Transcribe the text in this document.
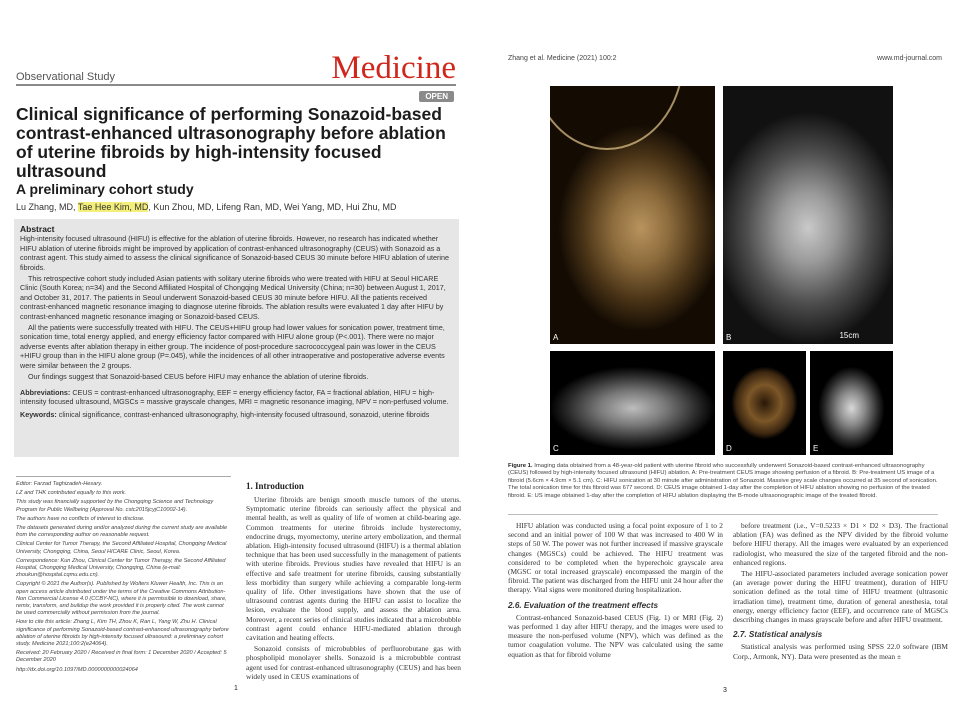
Observational Study	Medicine
OPEN
Clinical significance of performing Sonazoid-based contrast-enhanced ultrasonography before ablation of uterine fibroids by high-intensity focused ultrasound
A preliminary cohort study
Lu Zhang, MD, Tae Hee Kim, MD, Kun Zhou, MD, Lifeng Ran, MD, Wei Yang, MD, Hui Zhu, MD
Abstract

High-intensity focused ultrasound (HIFU) is effective for the ablation of uterine fibroids. However, no research has indicated whether HIFU ablation of uterine fibroids might be improved by application of contrast-enhanced ultrasonography (CEUS) with Sonazoid as a contrast agent. This study aimed to assess the clinical significance of Sonazoid-based CEUS 30 minute before HIFU ablation of uterine fibroids.

This retrospective cohort study included Asian patients with solitary uterine fibroids who were treated with HIFU at Seoul HICARE Clinic (South Korea; n=34) and the Second Affiliated Hospital of Chongqing Medical University (China; n=30) between August 1, 2017, and October 31, 2017. The patients in Seoul underwent Sonazoid-based CEUS 30 minute before HIFU. All the patients received contrast-enhanced magnetic resonance imaging to diagnose uterine fibroids. The ablation results were evaluated 1 day after HIFU by contrast-enhanced magnetic resonance imaging or Sonazoid-based CEUS.

All the patients were successfully treated with HIFU. The CEUS+HIFU group had lower values for sonication power, treatment time, sonication time, total energy applied, and energy efficiency factor compared with HIFU alone group (P<.001). There were no major adverse events after ablation therapy in either group. The incidence of post-procedure sacrococcygeal pain was lower in the CEUS +HIFU group than in the HIFU alone group (P=.045), while the incidences of all other intraoperative and postoperative adverse events were similar between the 2 groups.

Our findings suggest that Sonazoid-based CEUS before HIFU may enhance the ablation of uterine fibroids.

Abbreviations: CEUS = contrast-enhanced ultrasonography, EEF = energy efficiency factor, FA = fractional ablation, HIFU = high-intensity focused ultrasound, MGSCs = massive grayscale changes, MRI = magnetic resonance imaging, NPV = non-perfused volume.

Keywords: clinical significance, contrast-enhanced ultrasonography, high-intensity focused ultrasound, sonazoid, uterine fibroids

Editor: Farzad Taghizadeh-Hesary.

LZ and THK contributed equally to this work.

This study was financially supported by the Chongqing Science and Technology Program for Public Wellbeing (Approval No. cstc2015jcyjC10002-14).

The authors have no conflicts of interest to disclose.

The datasets generated during and/or analyzed during the current study are available from the corresponding author on reasonable request.

Clinical Center for Tumor Therapy, the Second Affiliated Hospital, Chongqing Medical University, Chongqing, China, Seoul HICARE Clinic, Seoul, Korea.

Correspondence: Kun Zhou, Clinical Center for Tumor Therapy, the Second Affiliated Hospital, Chongqing Medical University, Chongqing, China (e-mail: zhoukun@hospital.cqmu.edu.cn).

Copyright © 2021 the Author(s). Published by Wolters Kluwer Health, Inc. This is an open access article distributed under the terms of the Creative Commons Attribution-Non Commercial License 4.0 (CCBY-NC), where it is permissible to download, share, remix, transform, and buildup the work provided it is properly cited. The work cannot be used commercially without permission from the journal.

How to cite this article: Zhang L, Kim TH, Zhou K, Ran L, Yang W, Zhu H. Clinical significance of performing Sonazoid-based contrast-enhanced ultrasonography before ablation of uterine fibroids by high-intensity focused ultrasound: a preliminary cohort study. Medicine 2021;100:2(e24064).

Received: 20 February 2020 / Received in final form: 1 December 2020 / Accepted: 5 December 2020

http://dx.doi.org/10.1097/MD.0000000000024064

1. Introduction

Uterine fibroids are benign smooth muscle tumors of the uterus. Symptomatic uterine fibroids can seriously affect the physical and mental health, as well as quality of life of women at child-bearing age. Common treatments for uterine fibroids include hysterectomy, endocrine drugs, myomectomy, uterine artery embolization, and thermal ablation. High-intensity focused ultrasound (HIFU) is a thermal ablation technique that has been used successfully in the management of patients with uterine fibroids. Previous studies have revealed that HIFU is an effective and safe treatment for uterine fibroids, causing substantially less morbidity than surgery while achieving a comparable long-term quality of life. Other investigations have shown that the use of ultrasound contrast agents during the HIFU can assist to localize the lesion, evaluate the blood supply, and assess the ablation area. Moreover, a recent series of clinical studies indicated that a microbubble contrast agent could enhance HIFU-mediated ablation through cavitation and heating effects.

Sonazoid consists of microbubbles of perfluorobutane gas with phospholipid monolayer shells. Sonazoid is a microbubble contrast agent used for contrast-enhanced ultrasonography (CEUS) and has been widely used in CEUS examinations of

1
Zhang et al. Medicine (2021) 100:2	www.md-journal.com
A	15cm
B
C	D	E
Figure 1. Imaging data obtained from a 48-year-old patient with uterine fibroid who successfully underwent Sonazoid-based contrast-enhanced ultrasonography (CEUS) followed by high-intensity focused ultrasound (HIFU) ablation. A: Pre-treatment CEUS image showing perfusion of a fibroid. B: Pre-treatment US image of a fibroid (5.6cm × 4.9cm × 5.1 cm). C: HIFU sonication at 30 minute after administration of Sonazoid. Massive grey scale changes occurred at 35 second of sonication. The total sonication time for this fibroid was 677 second. D: CEUS image obtained 1-day after the completion of HIFU ablation showing no perfusion of the treated fibroid. E: US image obtained 1-day after the completion of HIFU ablation displaying the B-mode ultrasonographic image of the treated fibroid.

HIFU ablation was conducted using a focal point exposure of 1 to 2 second and an initial power of 100 W that was increased to 400 W in steps of 50 W. The power was not further increased if massive grayscale changes (MGSCs) could be achieved. The HIFU treatment was considered to be completed when the hyperechoic grayscale area (MGSC or total increased grayscale) encompassed the margin of the fibroid. The patient was discharged from the HIFU unit 24 hour after the therapy. Vital signs were monitored during hospitalization.

2.6. Evaluation of the treatment effects

Contrast-enhanced Sonazoid-based CEUS (Fig. 1) or MRI (Fig. 2) was performed 1 day after HIFU therapy, and the images were used to measure the non-perfused volume (NPV), which was defined as the tumor coagulation volume. The NPV was calculated using the same equation as that for fibroid volume

before treatment (i.e., V=0.5233 × D1 × D2 × D3). The fractional ablation (FA) was defined as the NPV divided by the fibroid volume before HIFU therapy. All the images were evaluated by an experienced radiologist, who measured the size of the targeted fibroid and the non-enhanced regions.

The HIFU-associated parameters included average sonication power (an average power during the HIFU treatment), duration of HIFU sonication defined as the total time of HIFU treatment (ultrasonic irradiation time), treatment time, duration of general anesthesia, total energy, energy efficiency factor (EEF), and occurrence rate of MGSCs describing changes in mass grayscale before and after HIFU treatment.

2.7. Statistical analysis

Statistical analysis was performed using SPSS 22.0 software (IBM Corp., Armonk, NY). Data were presented as the mean ±

3
